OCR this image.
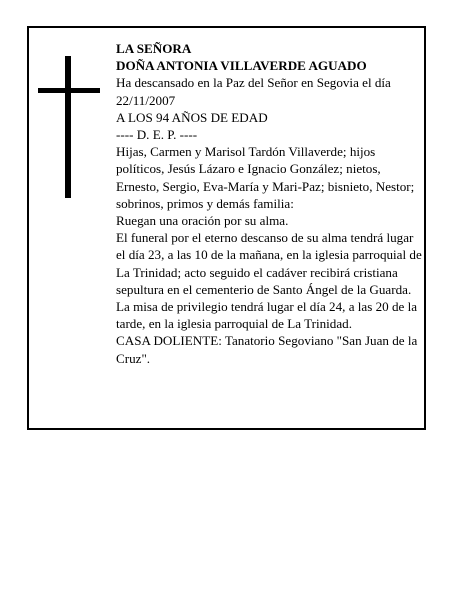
LA SEÑORA
DOÑA ANTONIA VILLAVERDE AGUADO
Ha descansado en la Paz del Señor en Segovia el día 22/11/2007
A LOS 94 AÑOS DE EDAD
---- D. E. P. ----
Hijas, Carmen y Marisol Tardón Villaverde; hijos políticos, Jesús Lázaro e Ignacio González; nietos, Ernesto, Sergio, Eva-María y Mari-Paz; bisnieto, Nestor; sobrinos, primos y demás familia:
Ruegan una oración por su alma.
El funeral por el eterno descanso de su alma tendrá lugar el día 23, a las 10 de la mañana, en la iglesia parroquial de La Trinidad; acto seguido el cadáver recibirá cristiana sepultura en el cementerio de Santo Ángel de la Guarda. La misa de privilegio tendrá lugar el día 24, a las 20 de la tarde, en la iglesia parroquial de La Trinidad.
CASA DOLIENTE: Tanatorio Segoviano "San Juan de la Cruz".
